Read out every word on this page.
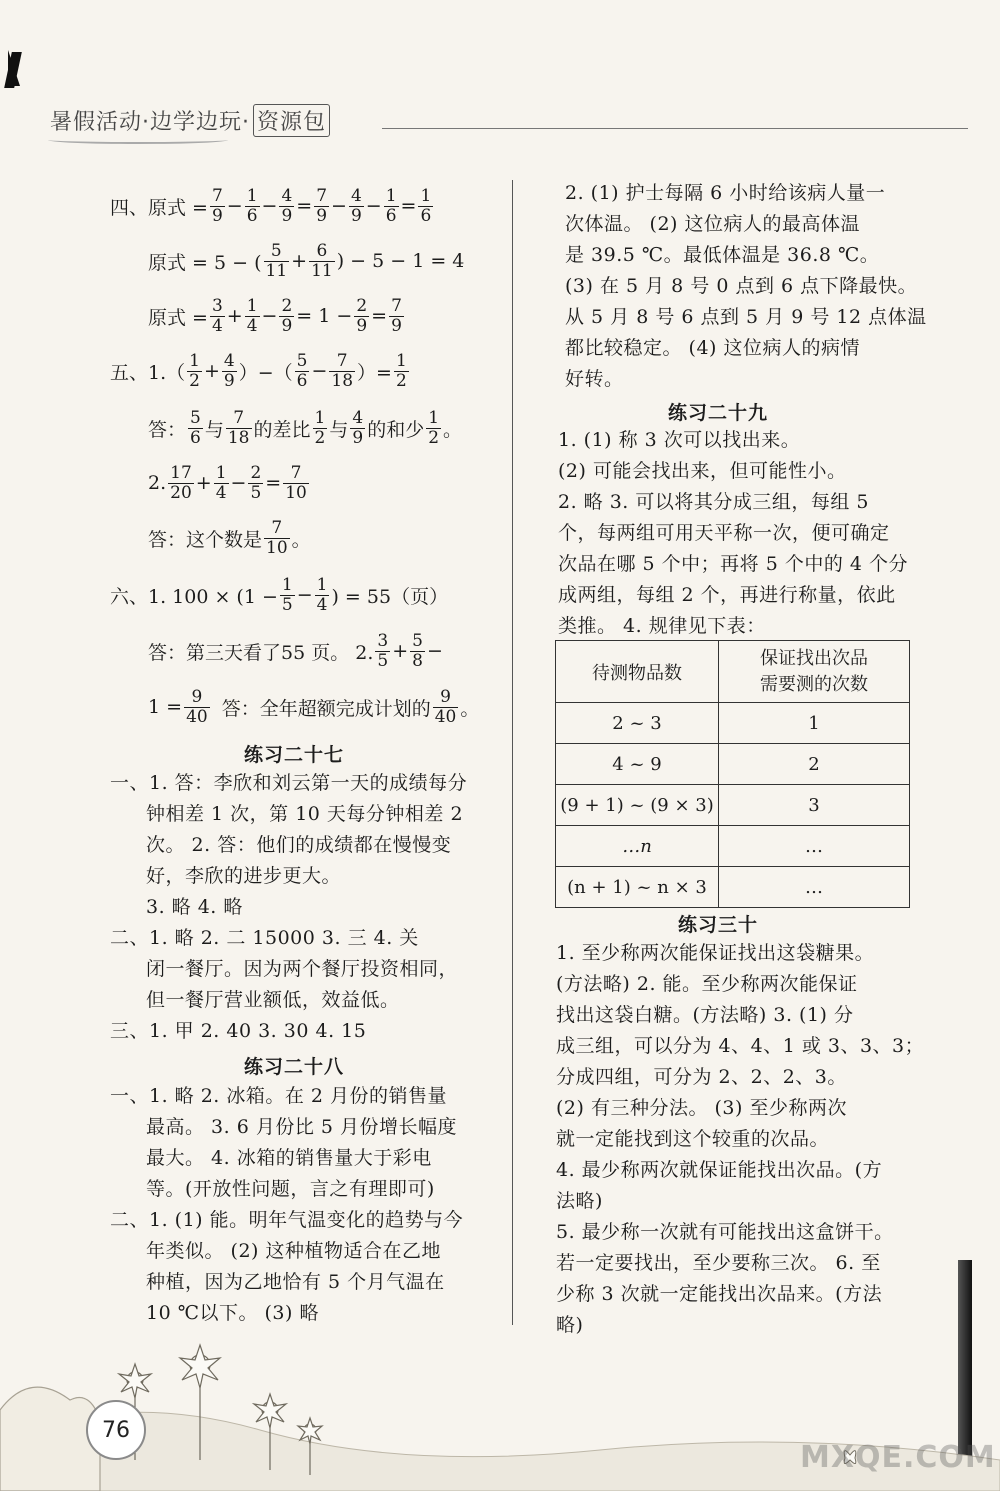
暑假活动·边学边玩· 资源包
四、原式 = $\frac{7}{9} - \frac{1}{6} - \frac{4}{9} = \frac{7}{9} - \frac{4}{9} - \frac{1}{6} = \frac{1}{6}$
原式 = 5 − ( $\frac{5}{11} + \frac{6}{11}$ ) − 5 − 1 = 4
原式 = $\frac{3}{4} + \frac{1}{4} - \frac{2}{9} = 1 - \frac{2}{9} = \frac{7}{9}$
五、$1.( \frac{1}{2} + \frac{4}{9}$ ）−（ $\frac{5}{6} - \frac{7}{18}$ ）= $\frac{1}{2}$
答： $\frac{5}{6}$ 与 $\frac{7}{18}$ 的差比 $\frac{1}{2}$ 与 $\frac{4}{9}$ 的和少 $\frac{1}{2}$ 。
2. $\frac{17}{20} + \frac{1}{4} - \frac{2}{5} = \frac{7}{10}$
答：这个数是 $\frac{7}{10}$ 。
六、1. $100 \times (1 - \frac{1}{5} - \frac{1}{4}$ ) = 55（页）
答：第三天看了55 页。 2. $\frac{3}{5} + \frac{5}{8}$ −
$1 = \frac{9}{40}$ 答：全年超额完成计划的 $\frac{9}{40}$ 。
练习二十七
一、1. 答：李欣和刘云第一天的成绩每分
钟相差 1 次，第 10 天每分钟相差 2
次。 2. 答：他们的成绩都在慢慢变
好，李欣的进步更大。
3. 略 4. 略
二、1. 略 2. 二 15000 3. 三 4. 关
闭一餐厅。因为两个餐厅投资相同，
但一餐厅营业额低，效益低。
三、1. 甲 2. 40 3. 30 4. 15
练习二十八
一、1. 略 2. 冰箱。在 2 月份的销售量
最高。 3. 6 月份比 5 月份增长幅度
最大。 4. 冰箱的销售量大于彩电
等。(开放性问题，言之有理即可)
二、1. (1) 能。明年气温变化的趋势与今
年类似。 (2) 这种植物适合在乙地
种植，因为乙地恰有 5 个月气温在
10 ℃以下。 (3) 略
2. (1) 护士每隔 6 小时给该病人量一
次体温。 (2) 这位病人的最高体温
是 39.5 ℃。最低体温是 36.8 ℃。
(3) 在 5 月 8 号 0 点到 6 点下降最快。
从 5 月 8 号 6 点到 5 月 9 号 12 点体温
都比较稳定。 (4) 这位病人的病情
好转。
练习二十九
1. (1) 称 3 次可以找出来。
(2) 可能会找出来，但可能性小。
2. 略 3. 可以将其分成三组，每组 5
个，每两组可用天平称一次，便可确定
次品在哪 5 个中；再将 5 个中的 4 个分
成两组，每组 2 个，再进行称量，依此
类推。 4. 规律见下表：
待测物品数	保证找出次品
需要测的次数

2 ~ 3	1
4 ~ 9	2
(9 + 1) ~ (9 × 3)	3
…n	…
(n + 1) ~ n × 3	…
练习三十
1. 至少称两次能保证找出这袋糖果。
(方法略) 2. 能。至少称两次能保证
找出这袋白糖。(方法略) 3. (1) 分
成三组，可以分为 4、4、1 或 3、3、3；
分成四组，可分为 2、2、2、3。
(2) 有三种分法。 (3) 至少称两次
就一定能找到这个较重的次品。
4. 最少称两次就保证能找出次品。(方
法略)
5. 最少称一次就有可能找出这盒饼干。
若一定要找出，至少要称三次。 6. 至
少称 3 次就一定能找出次品来。(方法
略)
76
MXQE.COM
